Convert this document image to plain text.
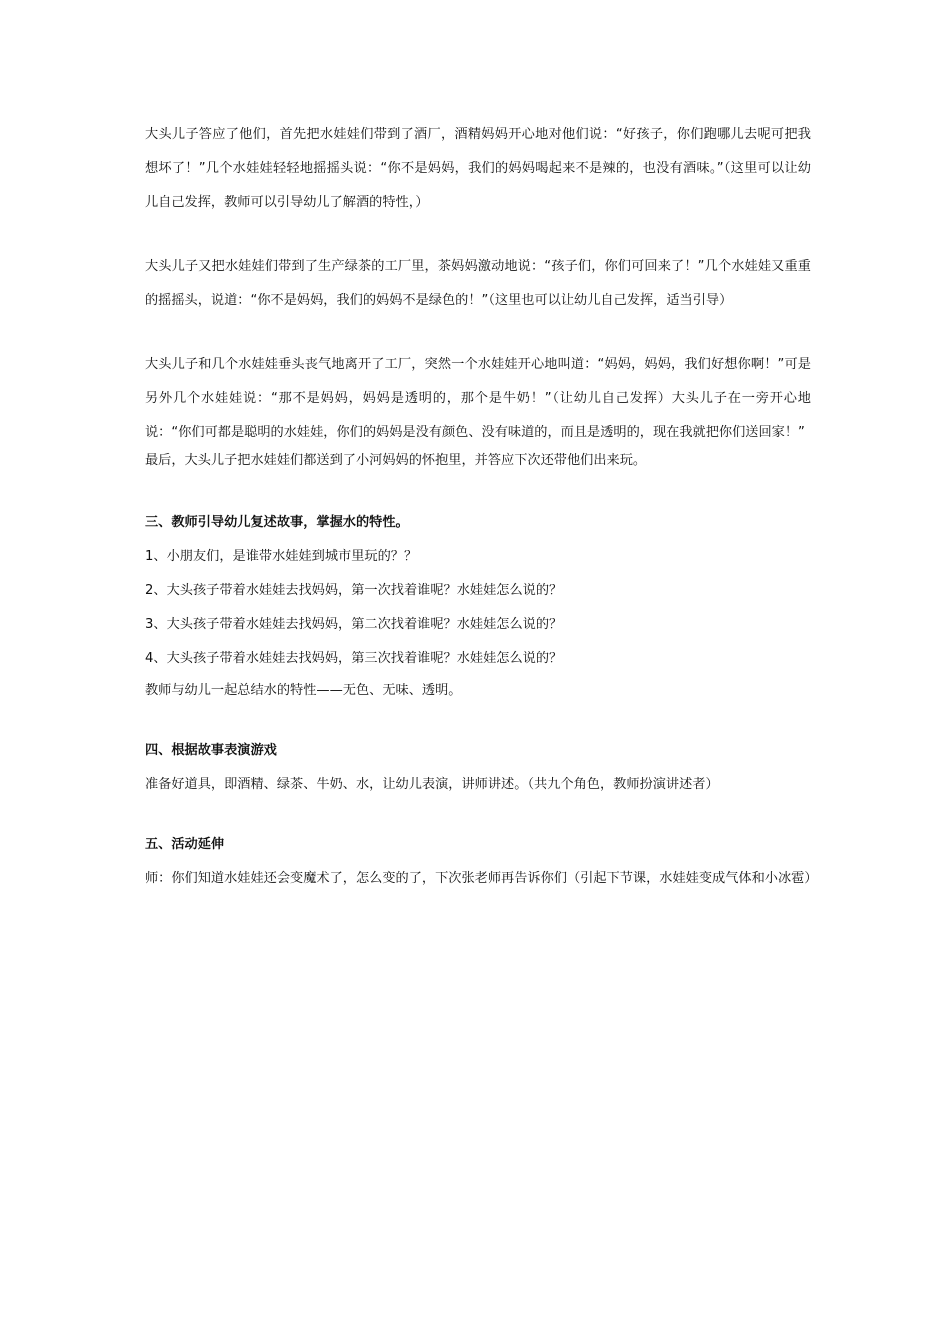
大头儿子答应了他们，首先把水娃娃们带到了酒厂，酒精妈妈开心地对他们说：“好孩子，你们跑哪儿去呢可把我想坏了！”几个水娃娃轻轻地摇摇头说：“你不是妈妈，我们的妈妈喝起来不是辣的，也没有酒味。”（这里可以让幼儿自己发挥，教师可以引导幼儿了解酒的特性，）

大头儿子又把水娃娃们带到了生产绿茶的工厂里，茶妈妈激动地说：“孩子们，你们可回来了！”几个水娃娃又重重的摇摇头，说道：“你不是妈妈，我们的妈妈不是绿色的！”（这里也可以让幼儿自己发挥，适当引导）

大头儿子和几个水娃娃垂头丧气地离开了工厂，突然一个水娃娃开心地叫道：“妈妈，妈妈，我们好想你啊！”可是另外几个水娃娃说：“那不是妈妈，妈妈是透明的，那个是牛奶！”（让幼儿自己发挥）大头儿子在一旁开心地说：“你们可都是聪明的水娃娃，你们的妈妈是没有颜色、没有味道的，而且是透明的，现在我就把你们送回家！”

最后，大头儿子把水娃娃们都送到了小河妈妈的怀抱里，并答应下次还带他们出来玩。

三、教师引导幼儿复述故事，掌握水的特性。

1、小朋友们，是谁带水娃娃到城市里玩的？？

2、大头孩子带着水娃娃去找妈妈，第一次找着谁呢？水娃娃怎么说的？

3、大头孩子带着水娃娃去找妈妈，第二次找着谁呢？水娃娃怎么说的？

4、大头孩子带着水娃娃去找妈妈，第三次找着谁呢？水娃娃怎么说的？

教师与幼儿一起总结水的特性——无色、无味、透明。

四、根据故事表演游戏

准备好道具，即酒精、绿茶、牛奶、水，让幼儿表演，讲师讲述。（共九个角色，教师扮演讲述者）

五、活动延伸

师：你们知道水娃娃还会变魔术了，怎么变的了，下次张老师再告诉你们（引起下节课，水娃娃变成气体和小冰雹）
